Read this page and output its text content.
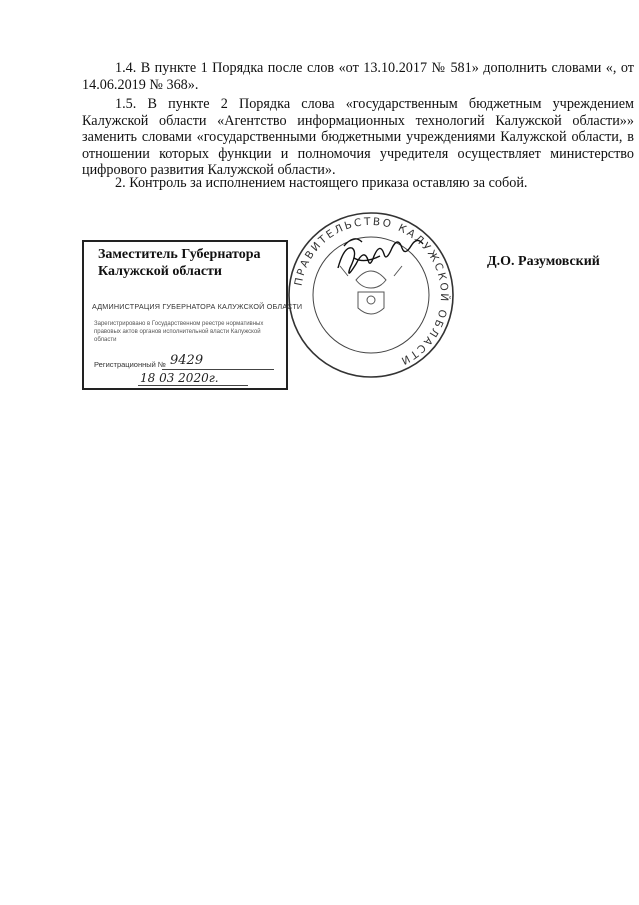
1.4. В пункте 1 Порядка после слов «от 13.10.2017 № 581» дополнить словами «, от 14.06.2019 № 368».

1.5. В пункте 2 Порядка слова «государственным бюджетным учреждением Калужской области «Агентство информационных технологий Калужской области»» заменить словами «государственными бюджетными учреждениями Калужской области, в отношении которых функции и полномочия учредителя осуществляет министерство цифрового развития Калужской области».

2. Контроль за исполнением настоящего приказа оставляю за собой.

Заместитель Губернатора
Калужской области

АДМИНИСТРАЦИЯ ГУБЕРНАТОРА КАЛУЖСКОЙ ОБЛАСТИ
Зарегистрировано в Государственном реестре нормативных правовых актов органов исполнительной власти Калужской области
Регистрационный № 9429
18 03 2020г.
ПРАВИТЕЛЬСТВО КАЛУЖСКОЙ ОБЛАСТИ
Д.О. Разумовский
